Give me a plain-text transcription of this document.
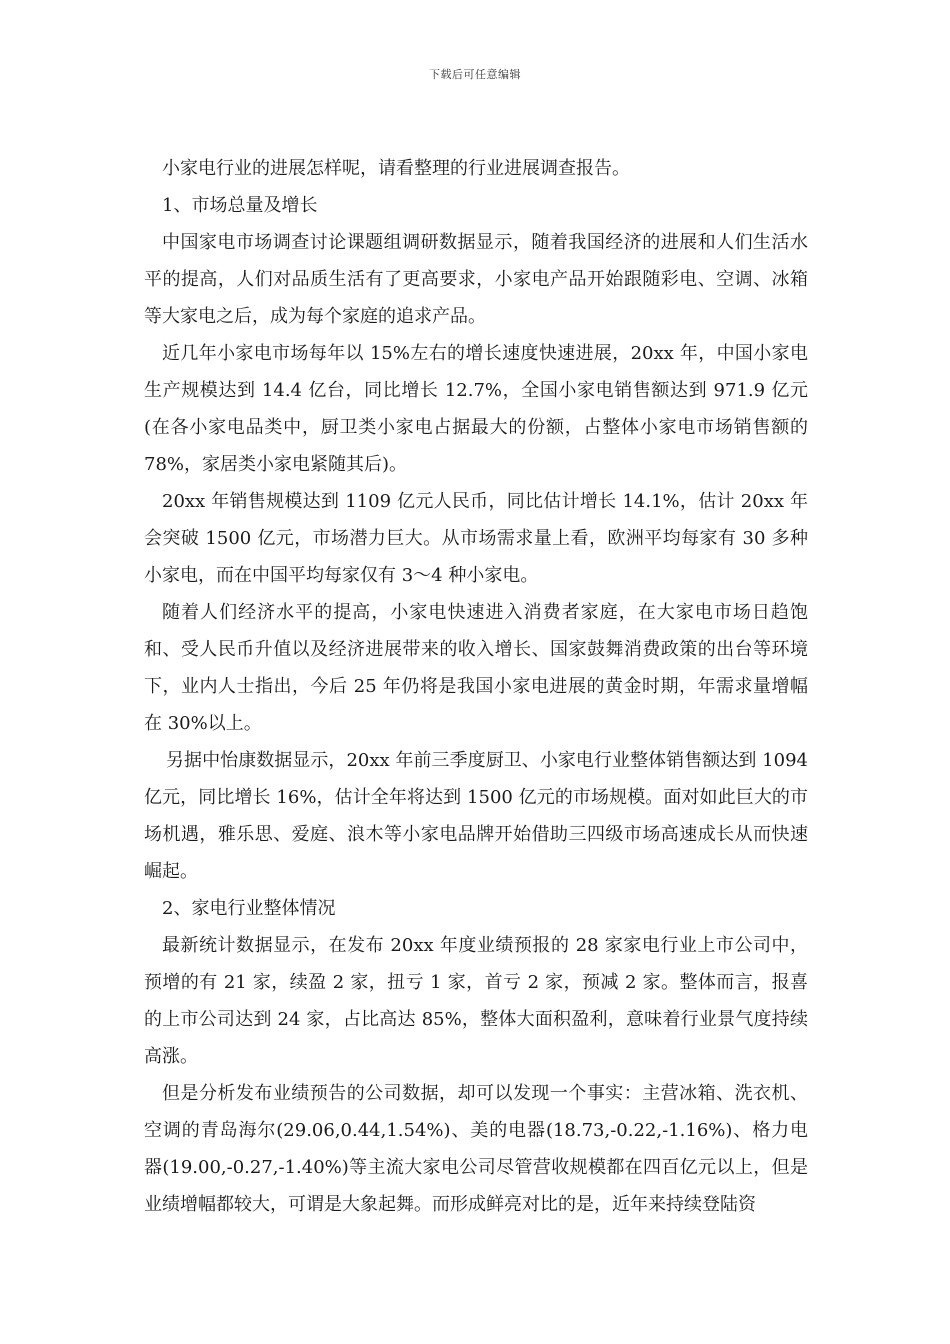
下载后可任意编辑

小家电行业的进展怎样呢，请看整理的行业进展调查报告。

1、市场总量及增长

中国家电市场调查讨论课题组调研数据显示，随着我国经济的进展和人们生活水平的提高，人们对品质生活有了更高要求，小家电产品开始跟随彩电、空调、冰箱等大家电之后，成为每个家庭的追求产品。

近几年小家电市场每年以 15%左右的增长速度快速进展，20xx 年，中国小家电生产规模达到 14.4 亿台，同比增长 12.7%，全国小家电销售额达到 971.9 亿元(在各小家电品类中，厨卫类小家电占据最大的份额，占整体小家电市场销售额的 78%，家居类小家电紧随其后)。

20xx 年销售规模达到 1109 亿元人民币，同比估计增长 14.1%，估计 20xx 年会突破 1500 亿元，市场潜力巨大。从市场需求量上看，欧洲平均每家有 30 多种小家电，而在中国平均每家仅有 3～4 种小家电。

随着人们经济水平的提高，小家电快速进入消费者家庭，在大家电市场日趋饱和、受人民币升值以及经济进展带来的收入增长、国家鼓舞消费政策的出台等环境下，业内人士指出，今后 25 年仍将是我国小家电进展的黄金时期，年需求量增幅在 30%以上。

另据中怡康数据显示，20xx 年前三季度厨卫、小家电行业整体销售额达到 1094 亿元，同比增长 16%，估计全年将达到 1500 亿元的市场规模。面对如此巨大的市场机遇，雅乐思、爱庭、浪木等小家电品牌开始借助三四级市场高速成长从而快速崛起。

2、家电行业整体情况

最新统计数据显示，在发布 20xx 年度业绩预报的 28 家家电行业上市公司中，预增的有 21 家，续盈 2 家，扭亏 1 家，首亏 2 家，预减 2 家。整体而言，报喜的上市公司达到 24 家，占比高达 85%，整体大面积盈利，意味着行业景气度持续高涨。

但是分析发布业绩预告的公司数据，却可以发现一个事实：主营冰箱、洗衣机、空调的青岛海尔(29.06,0.44,1.54%)、美的电器(18.73,-0.22,-1.16%)、格力电器(19.00,-0.27,-1.40%)等主流大家电公司尽管营收规模都在四百亿元以上，但是业绩增幅都较大，可谓是大象起舞。而形成鲜亮对比的是，近年来持续登陆资
